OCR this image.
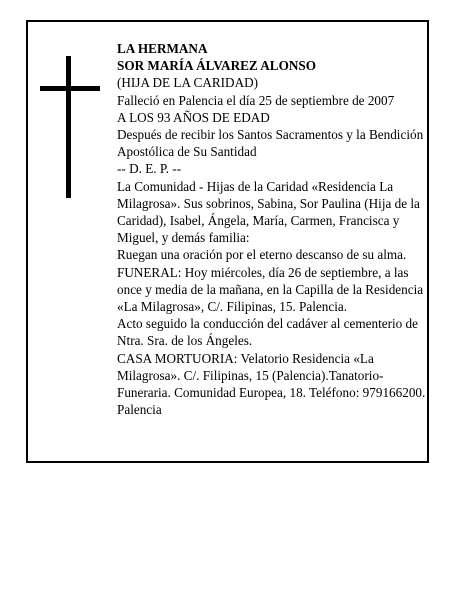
LA HERMANA

SOR MARÍA ÁLVAREZ ALONSO

(HIJA DE LA CARIDAD)

Falleció en Palencia el día 25 de septiembre de 2007

A LOS 93 AÑOS DE EDAD

Después de recibir los Santos Sacramentos y la Bendición Apostólica de Su Santidad

-- D. E. P. --

La Comunidad - Hijas de la Caridad «Residencia La Milagrosa». Sus sobrinos, Sabina, Sor Paulina (Hija de la Caridad), Isabel, Ángela, María, Carmen, Francisca y Miguel, y demás familia:

Ruegan una oración por el eterno descanso de su alma.

FUNERAL: Hoy miércoles, día 26 de septiembre, a las once y media de la mañana, en la Capilla de la Residencia «La Milagrosa», C/. Filipinas, 15. Palencia.

Acto seguido la conducción del cadáver al cementerio de Ntra. Sra. de los Ángeles.

CASA MORTUORIA: Velatorio Residencia «La Milagrosa». C/. Filipinas, 15 (Palencia).Tanatorio-Funeraria. Comunidad Europea, 18. Teléfono: 979166200. Palencia
